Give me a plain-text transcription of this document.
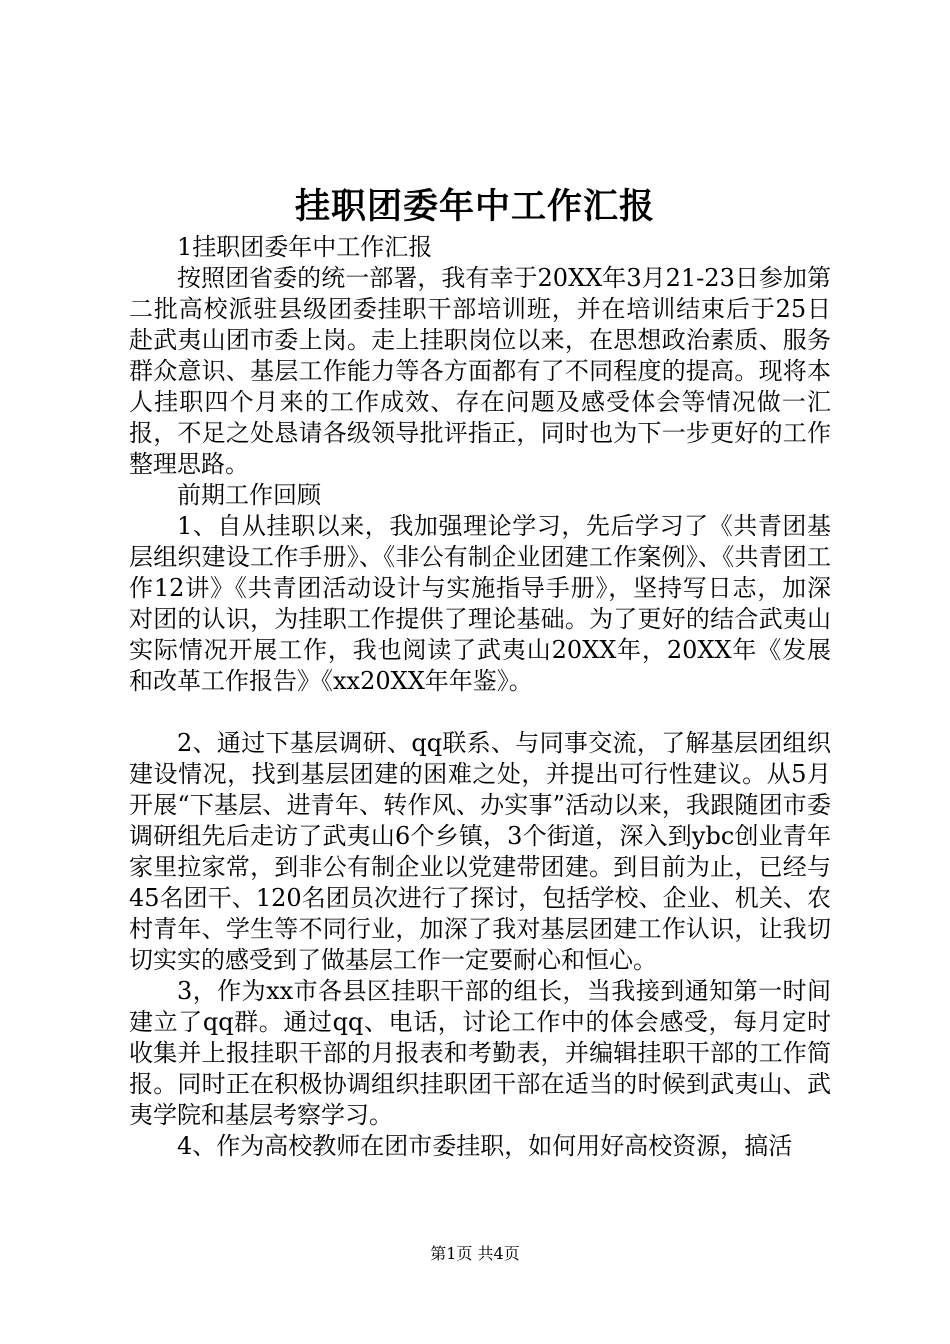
挂职团委年中工作汇报

1挂职团委年中工作汇报

按照团省委的统一部署，我有幸于20XX年3月21-23日参加第二批高校派驻县级团委挂职干部培训班，并在培训结束后于25日赴武夷山团市委上岗。走上挂职岗位以来，在思想政治素质、服务群众意识、基层工作能力等各方面都有了不同程度的提高。现将本人挂职四个月来的工作成效、存在问题及感受体会等情况做一汇报，不足之处恳请各级领导批评指正，同时也为下一步更好的工作整理思路。

前期工作回顾

1、自从挂职以来，我加强理论学习，先后学习了《共青团基层组织建设工作手册》、《非公有制企业团建工作案例》、《共青团工作12讲》《共青团活动设计与实施指导手册》，坚持写日志，加深对团的认识，为挂职工作提供了理论基础。为了更好的结合武夷山实际情况开展工作，我也阅读了武夷山20XX年，20XX年《发展和改革工作报告》《xx20XX年年鉴》。

2、通过下基层调研、qq联系、与同事交流，了解基层团组织建设情况，找到基层团建的困难之处，并提出可行性建议。从5月开展“下基层、进青年、转作风、办实事”活动以来，我跟随团市委调研组先后走访了武夷山6个乡镇，3个街道，深入到ybc创业青年家里拉家常，到非公有制企业以党建带团建。到目前为止，已经与45名团干、120名团员次进行了探讨，包括学校、企业、机关、农村青年、学生等不同行业，加深了我对基层团建工作认识，让我切切实实的感受到了做基层工作一定要耐心和恒心。

3，作为xx市各县区挂职干部的组长，当我接到通知第一时间建立了qq群。通过qq、电话，讨论工作中的体会感受，每月定时收集并上报挂职干部的月报表和考勤表，并编辑挂职干部的工作简报。同时正在积极协调组织挂职团干部在适当的时候到武夷山、武夷学院和基层考察学习。

4、作为高校教师在团市委挂职，如何用好高校资源，搞活

第1页 共4页
